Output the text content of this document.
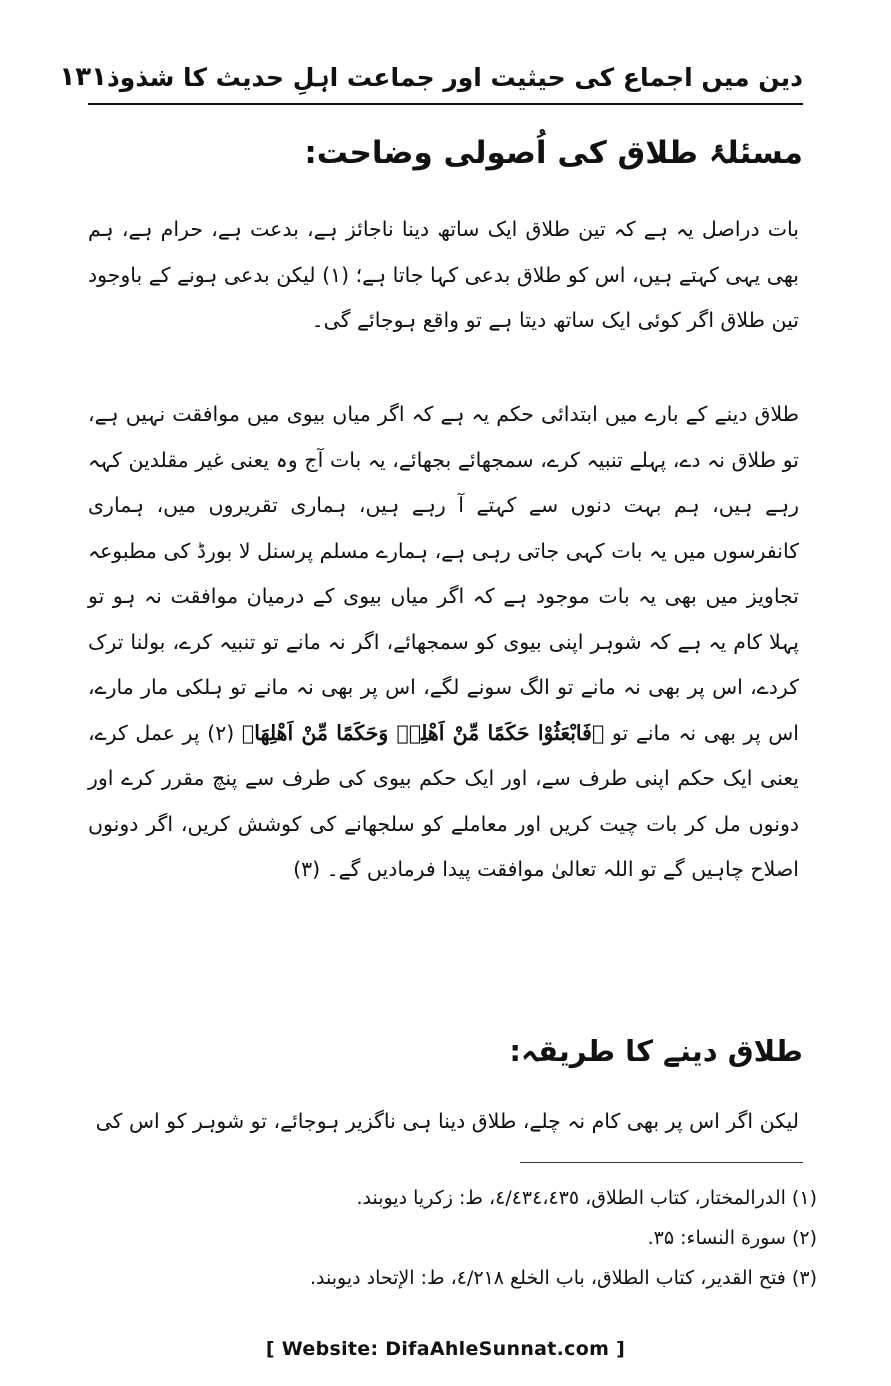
دین میں اجماع کی حیثیت اور جماعت اہلِ حدیث کا شذوذ
۱۳۱
مسئلۂ طلاق کی اُصولی وضاحت:
بات دراصل یہ ہے کہ تین طلاق ایک ساتھ دینا ناجائز ہے، بدعت ہے، حرام ہے، ہم بھی یہی کہتے ہیں، اس کو طلاق بدعی کہا جاتا ہے؛ (۱) لیکن بدعی ہونے کے باوجود تین طلاق اگر کوئی ایک ساتھ دیتا ہے تو واقع ہوجائے گی۔
طلاق دینے کے بارے میں ابتدائی حکم یہ ہے کہ اگر میاں بیوی میں موافقت نہیں ہے، تو طلاق نہ دے، پہلے تنبیہ کرے، سمجھائے بجھائے، یہ بات آج وہ یعنی غیر مقلدین کہہ رہے ہیں، ہم بہت دنوں سے کہتے آ رہے ہیں، ہماری تقریروں میں، ہماری کانفرسوں میں یہ بات کہی جاتی رہی ہے، ہمارے مسلم پرسنل لا بورڈ کی مطبوعہ تجاویز میں بھی یہ بات موجود ہے کہ اگر میاں بیوی کے درمیان موافقت نہ ہو تو پہلا کام یہ ہے کہ شوہر اپنی بیوی کو سمجھائے، اگر نہ مانے تو تنبیہ کرے، بولنا ترک کردے، اس پر بھی نہ مانے تو الگ سونے لگے، اس پر بھی نہ مانے تو ہلکی مار مارے، اس پر بھی نہ مانے تو ﴿فَابْعَثُوْا حَكَمًا مِّنْ اَهْلِهٖ وَحَكَمًا مِّنْ اَهْلِهَا﴾ (۲) پر عمل کرے، یعنی ایک حکم اپنی طرف سے، اور ایک حکم بیوی کی طرف سے پنچ مقرر کرے اور دونوں مل کر بات چیت کریں اور معاملے کو سلجھانے کی کوشش کریں، اگر دونوں اصلاح چاہیں گے تو اللہ تعالیٰ موافقت پیدا فرمادیں گے۔ (۳)
طلاق دینے کا طریقہ:
لیکن اگر اس پر بھی کام نہ چلے، طلاق دینا ہی ناگزیر ہوجائے، تو شوہر کو اس کی
(۱) الدرالمختار، كتاب الطلاق، ٤/٤٣٤،٤٣٥، ط: زكريا ديوبند.
(۲) سورة النساء: ۳۵.
(۳) فتح القدير، كتاب الطلاق، باب الخلع ٤/٢١٨، ط: الإتحاد ديوبند.
[ Website: DifaAhleSunnat.com ]
